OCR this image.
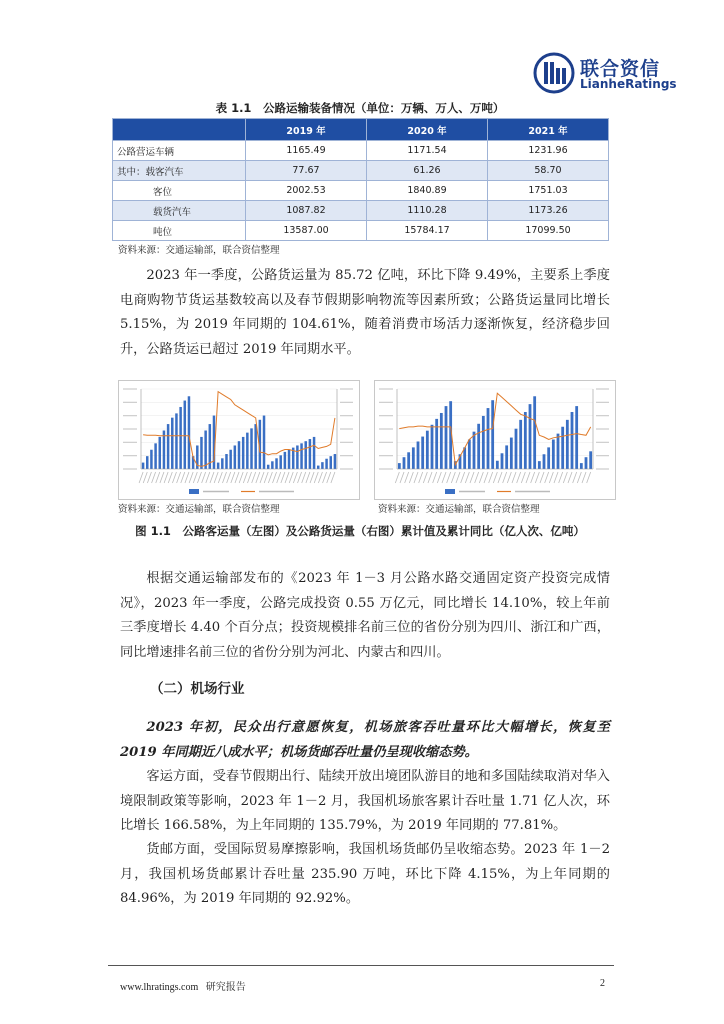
联合资信
LianheRatings
表 1.1　公路运输装备情况（单位：万辆、万人、万吨）
	2019 年	2020 年	2021 年
公路营运车辆	1165.49	1171.54	1231.96
其中：载客汽车	77.67	61.26	58.70
客位	2002.53	1840.89	1751.03
载货汽车	1087.82	1110.28	1173.26
吨位	13587.00	15784.17	17099.50
资料来源：交通运输部，联合资信整理

2023 年一季度，公路货运量为 85.72 亿吨，环比下降 9.49%，主要系上季度电商购物节货运基数较高以及春节假期影响物流等因素所致；公路货运量同比增长 5.15%，为 2019 年同期的 104.61%，随着消费市场活力逐渐恢复，经济稳步回升，公路货运已超过 2019 年同期水平。

资料来源：交通运输部，联合资信整理	资料来源：交通运输部，联合资信整理
图 1.1　公路客运量（左图）及公路货运量（右图）累计值及累计同比（亿人次、亿吨）

根据交通运输部发布的《2023 年 1－3 月公路水路交通固定资产投资完成情况》，2023 年一季度，公路完成投资 0.55 万亿元，同比增长 14.10%，较上年前三季度增长 4.40 个百分点；投资规模排名前三位的省份分别为四川、浙江和广西，同比增速排名前三位的省份分别为河北、内蒙古和四川。

（二）机场行业

2023 年初，民众出行意愿恢复，机场旅客吞吐量环比大幅增长，恢复至 2019 年同期近八成水平；机场货邮吞吐量仍呈现收缩态势。

客运方面，受春节假期出行、陆续开放出境团队游目的地和多国陆续取消对华入境限制政策等影响，2023 年 1－2 月，我国机场旅客累计吞吐量 1.71 亿人次，环比增长 166.58%，为上年同期的 135.79%，为 2019 年同期的 77.81%。

货邮方面，受国际贸易摩擦影响，我国机场货邮仍呈收缩态势。2023 年 1－2 月，我国机场货邮累计吞吐量 235.90 万吨，环比下降 4.15%，为上年同期的 84.96%，为 2019 年同期的 92.92%。

www.lhratings.com 研究报告	2
